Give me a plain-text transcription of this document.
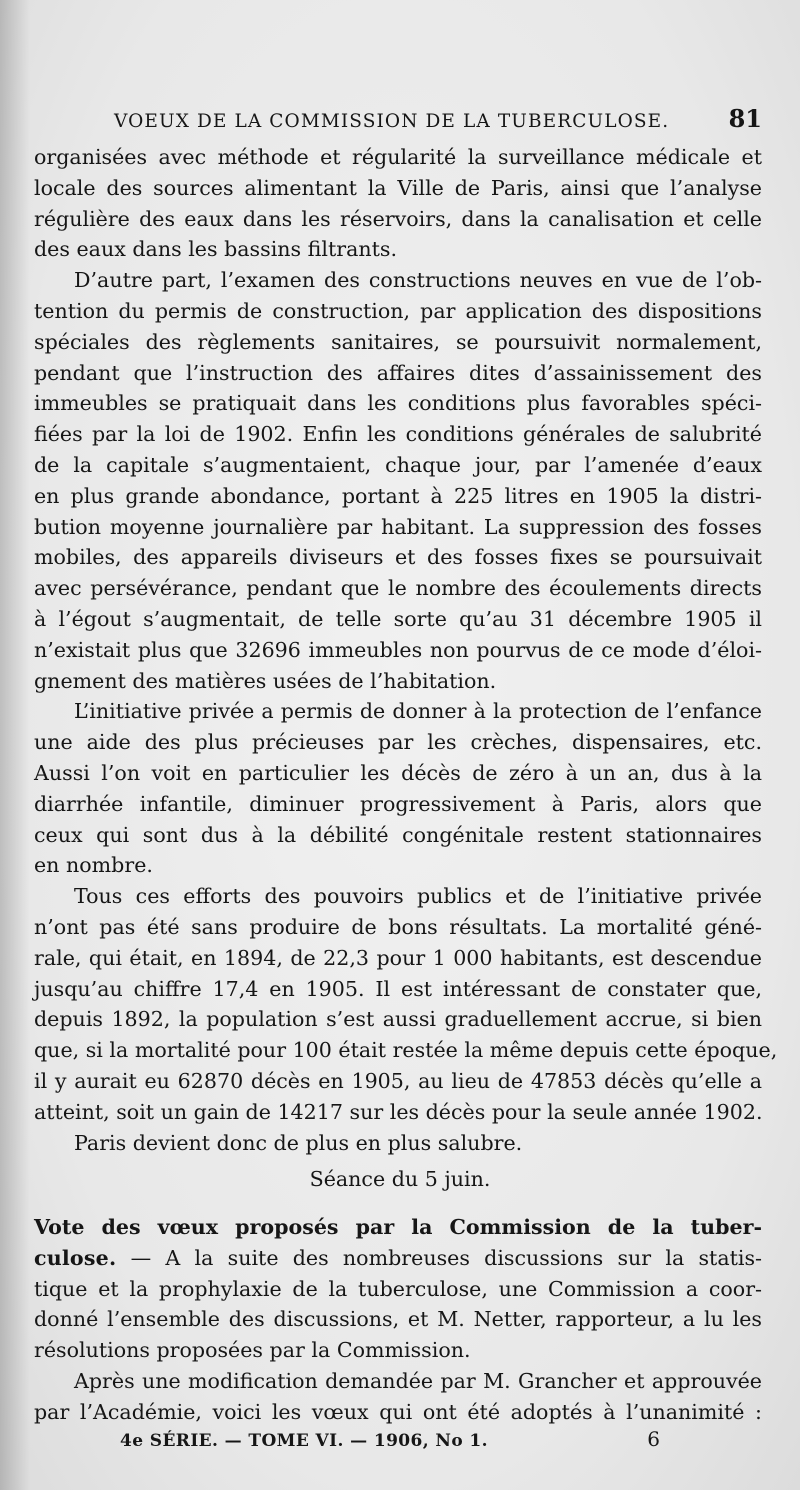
VOEUX DE LA COMMISSION DE LA TUBERCULOSE. 81
organisées avec méthode et régularité la surveillance médicale et
locale des sources alimentant la Ville de Paris, ainsi que l’analyse
régulière des eaux dans les réservoirs, dans la canalisation et celle
des eaux dans les bassins filtrants.
D’autre part, l’examen des constructions neuves en vue de l’ob-
tention du permis de construction, par application des dispositions
spéciales des règlements sanitaires, se poursuivit normalement,
pendant que l’instruction des affaires dites d’assainissement des
immeubles se pratiquait dans les conditions plus favorables spéci-
fiées par la loi de 1902. Enfin les conditions générales de salubrité
de la capitale s’augmentaient, chaque jour, par l’amenée d’eaux
en plus grande abondance, portant à 225 litres en 1905 la distri-
bution moyenne journalière par habitant. La suppression des fosses
mobiles, des appareils diviseurs et des fosses fixes se poursuivait
avec persévérance, pendant que le nombre des écoulements directs
à l’égout s’augmentait, de telle sorte qu’au 31 décembre 1905 il
n’existait plus que 32696 immeubles non pourvus de ce mode d’éloi-
gnement des matières usées de l’habitation.
L’initiative privée a permis de donner à la protection de l’enfance
une aide des plus précieuses par les crèches, dispensaires, etc.
Aussi l’on voit en particulier les décès de zéro à un an, dus à la
diarrhée infantile, diminuer progressivement à Paris, alors que
ceux qui sont dus à la débilité congénitale restent stationnaires
en nombre.
Tous ces efforts des pouvoirs publics et de l’initiative privée
n’ont pas été sans produire de bons résultats. La mortalité géné-
rale, qui était, en 1894, de 22,3 pour 1 000 habitants, est descendue
jusqu’au chiffre 17,4 en 1905. Il est intéressant de constater que,
depuis 1892, la population s’est aussi graduellement accrue, si bien
que, si la mortalité pour 100 était restée la même depuis cette époque,
il y aurait eu 62870 décès en 1905, au lieu de 47853 décès qu’elle a
atteint, soit un gain de 14217 sur les décès pour la seule année 1902.
Paris devient donc de plus en plus salubre.
Séance du 5 juin.
Vote des vœux proposés par la Commission de la tuber-
culose. — A la suite des nombreuses discussions sur la statis-
tique et la prophylaxie de la tuberculose, une Commission a coor-
donné l’ensemble des discussions, et M. Netter, rapporteur, a lu les
résolutions proposées par la Commission.
Après une modification demandée par M. Grancher et approuvée
par l’Académie, voici les vœux qui ont été adoptés à l’unanimité :
4e SÉRIE. — TOME VI. — 1906, No 1.	6
